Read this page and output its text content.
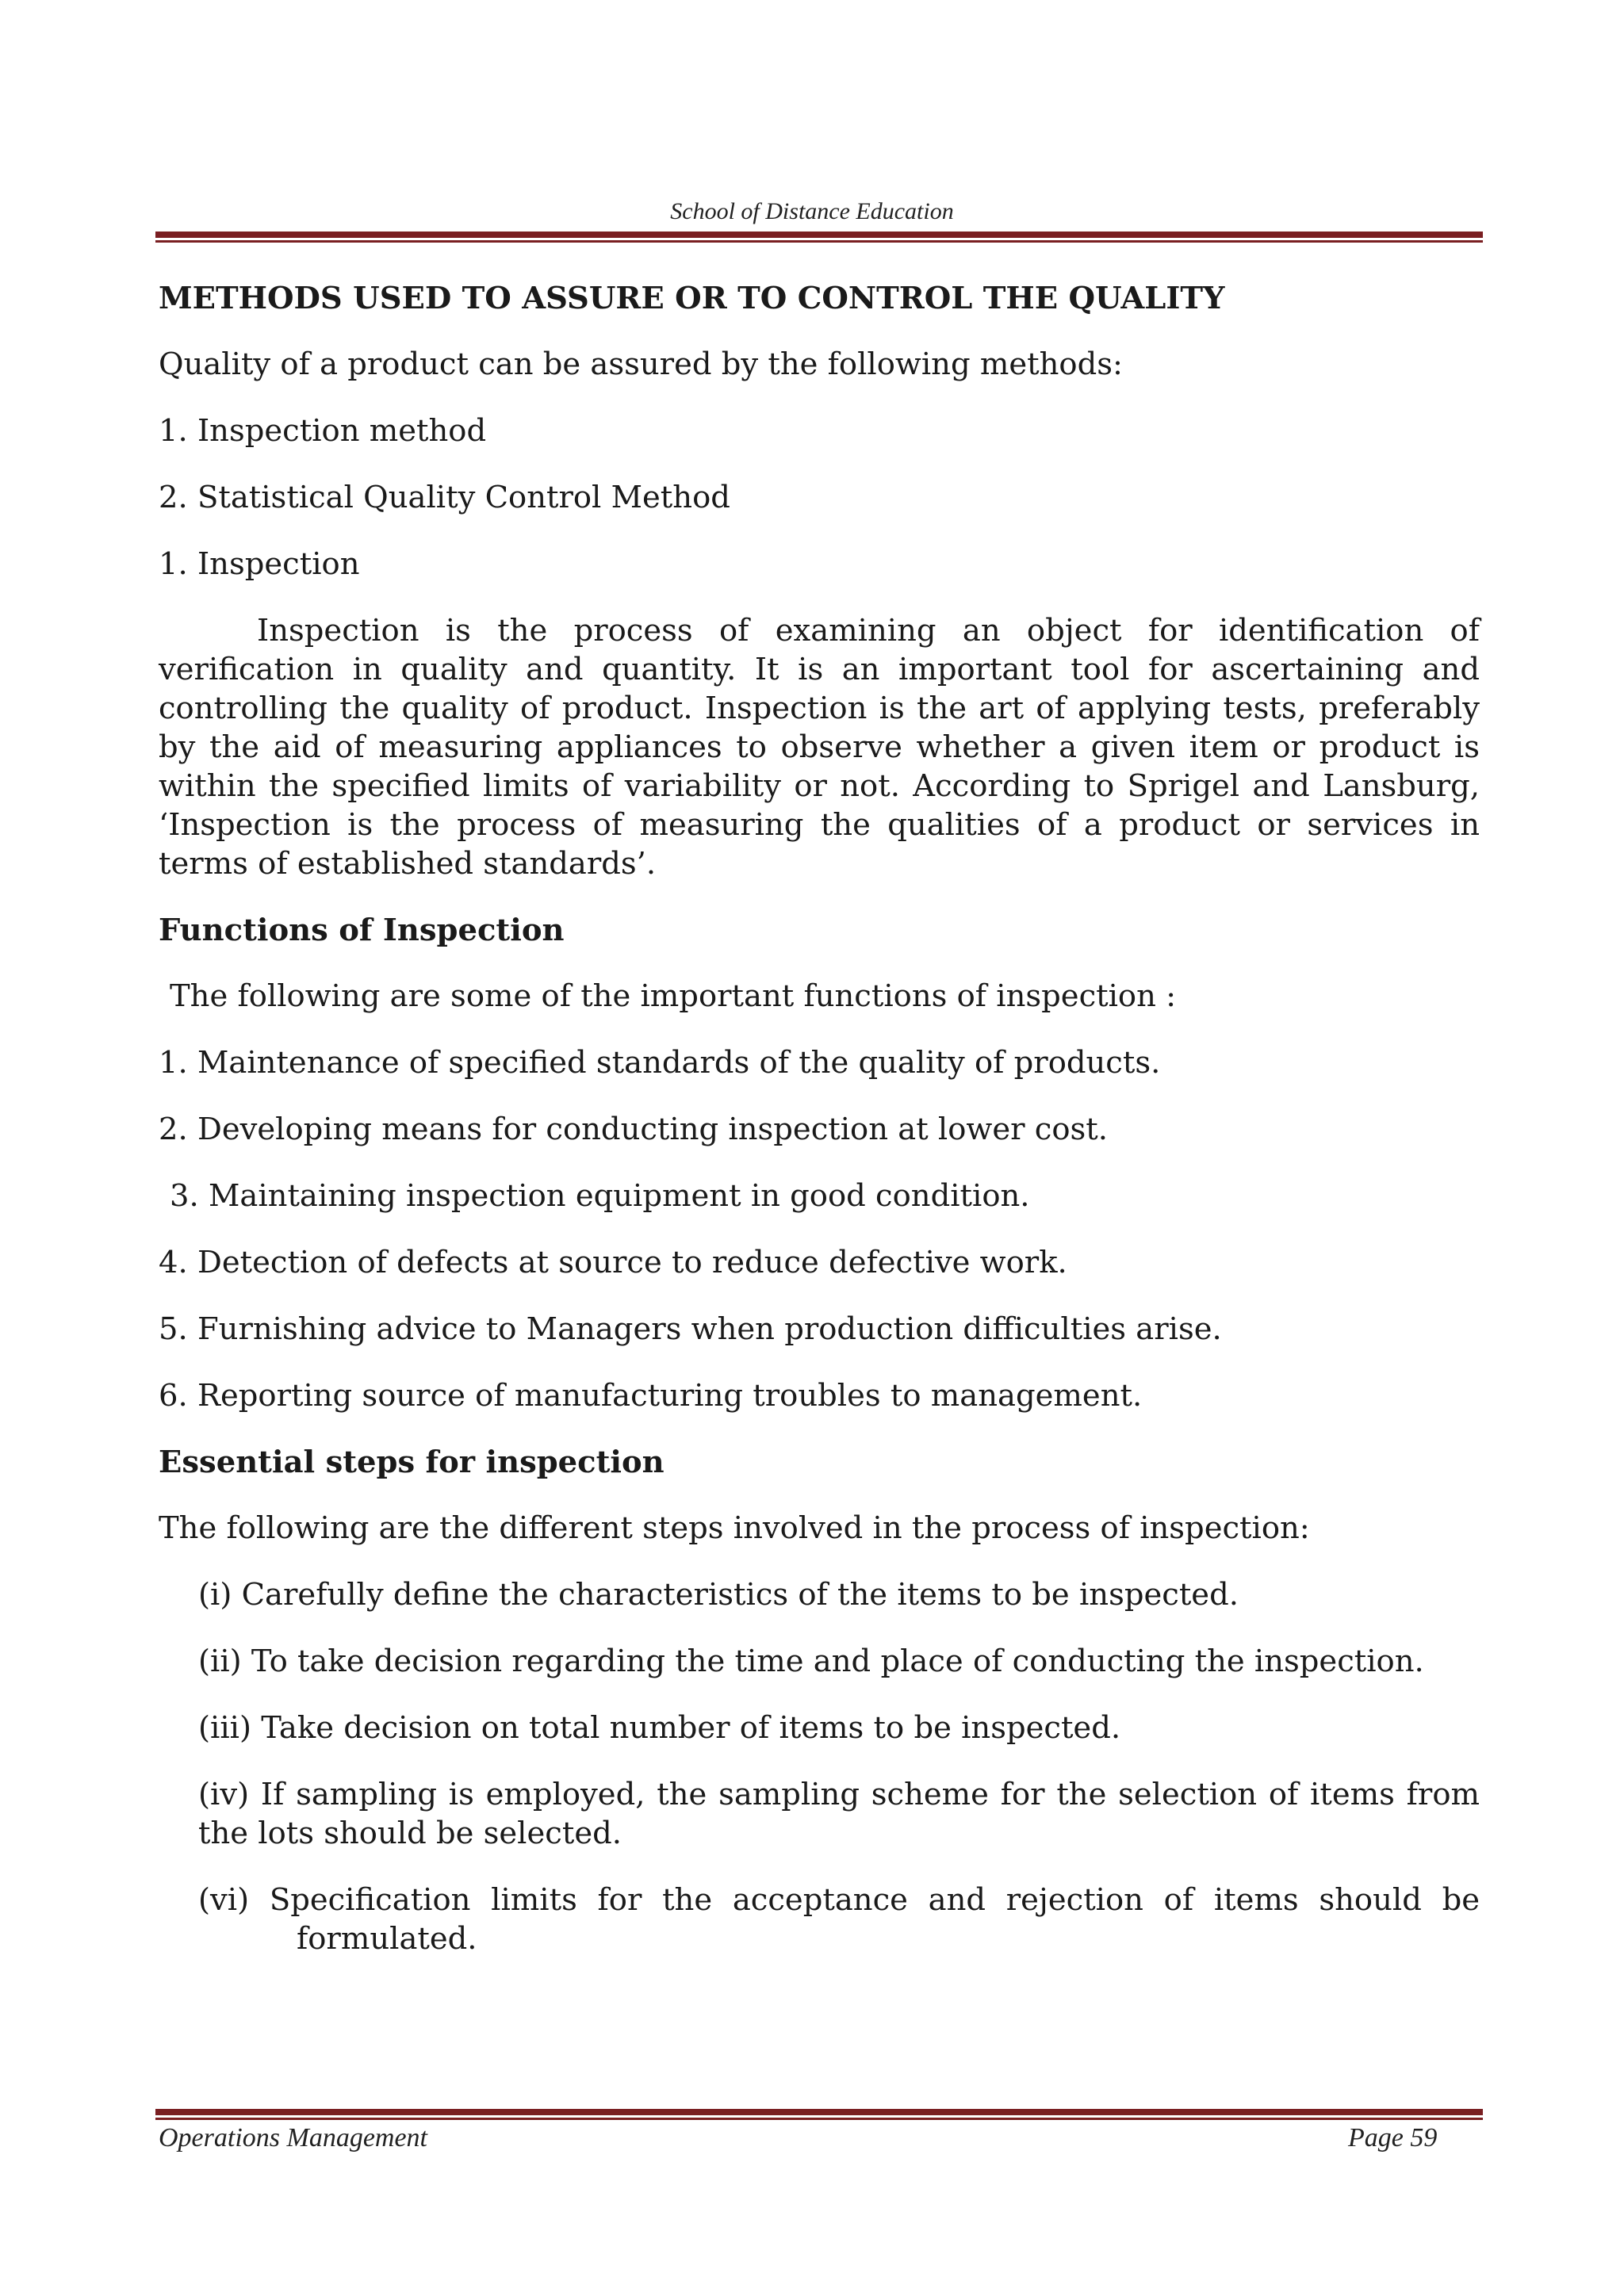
School of Distance Education

METHODS USED TO ASSURE OR TO CONTROL THE QUALITY

Quality of a product can be assured by the following methods:

1. Inspection method

2. Statistical Quality Control Method

1. Inspection

Inspection is the process of examining an object for identification of verification in quality and quantity. It is an important tool for ascertaining and controlling the quality of product. Inspection is the art of applying tests, preferably by the aid of measuring appliances to observe whether a given item or product is within the specified limits of variability or not. According to Sprigel and Lansburg, ‘Inspection is the process of measuring the qualities of a product or services in terms of established standards’.

Functions of Inspection

The following are some of the important functions of inspection :

1. Maintenance of specified standards of the quality of products.

2. Developing means for conducting inspection at lower cost.

3. Maintaining inspection equipment in good condition.

4. Detection of defects at source to reduce defective work.

5. Furnishing advice to Managers when production difficulties arise.

6. Reporting source of manufacturing troubles to management.

Essential steps for inspection

The following are the different steps involved in the process of inspection:

(i) Carefully define the characteristics of the items to be inspected.

(ii) To take decision regarding the time and place of conducting the inspection.

(iii) Take decision on total number of items to be inspected.

(iv) If sampling is employed, the sampling scheme for the selection of items from the lots should be selected.

(vi) Specification limits for the acceptance and rejection of items should be formulated.

Operations Management	Page 59
